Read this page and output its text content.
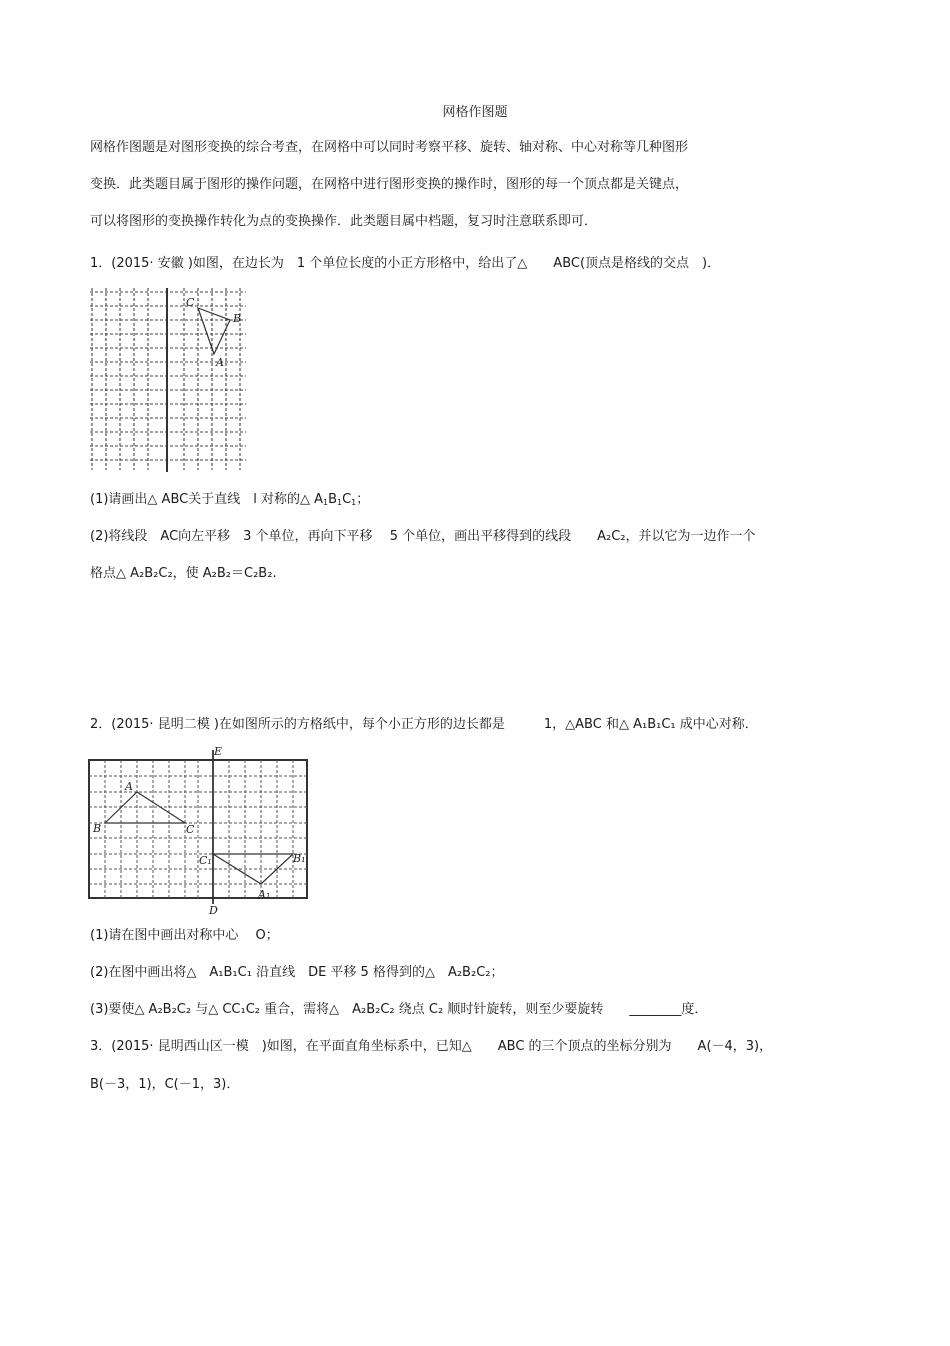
网格作图题
网格作图题是对图形变换的综合考查，在网格中可以同时考察平移、旋转、轴对称、中心对称等几种图形
变换．此类题目属于图形的操作问题，在网格中进行图形变换的操作时，图形的每一个顶点都是关键点，
可以将图形的变换操作转化为点的变换操作．此类题目属中档题，复习时注意联系即可．
1．(2015· 安徽 )如图，在边长为　1 个单位长度的小正方形格中，给出了△　　ABC(顶点是格线的交点　)．
C
B
A
(1)请画出△ ABC关于直线　l 对称的△ $A_1B_1C_1$；
(2)将线段　AC向左平移　3 个单位，再向下平移　 5 个单位，画出平移得到的线段　　A₂C₂，并以它为一边作一个
格点△ A₂B₂C₂，使 A₂B₂＝C₂B₂.
2．(2015· 昆明二模 )在如图所示的方格纸中，每个小正方形的边长都是　　　1，△ABC 和△ A₁B₁C₁ 成中心对称．
E
D
A
B	C
C₁	B₁
A₁
(1)请在图中画出对称中心　 O；
(2)在图中画出将△　A₁B₁C₁ 沿直线　DE 平移 5 格得到的△　A₂B₂C₂；
(3)要使△ A₂B₂C₂ 与△ CC₁C₂ 重合，需将△　A₂B₂C₂ 绕点 C₂ 顺时针旋转，则至少要旋转　　________度．
3．(2015· 昆明西山区一模　)如图，在平面直角坐标系中，已知△　　ABC 的三个顶点的坐标分别为　　A(－4，3)，
B(－3，1)，C(－1，3)．
